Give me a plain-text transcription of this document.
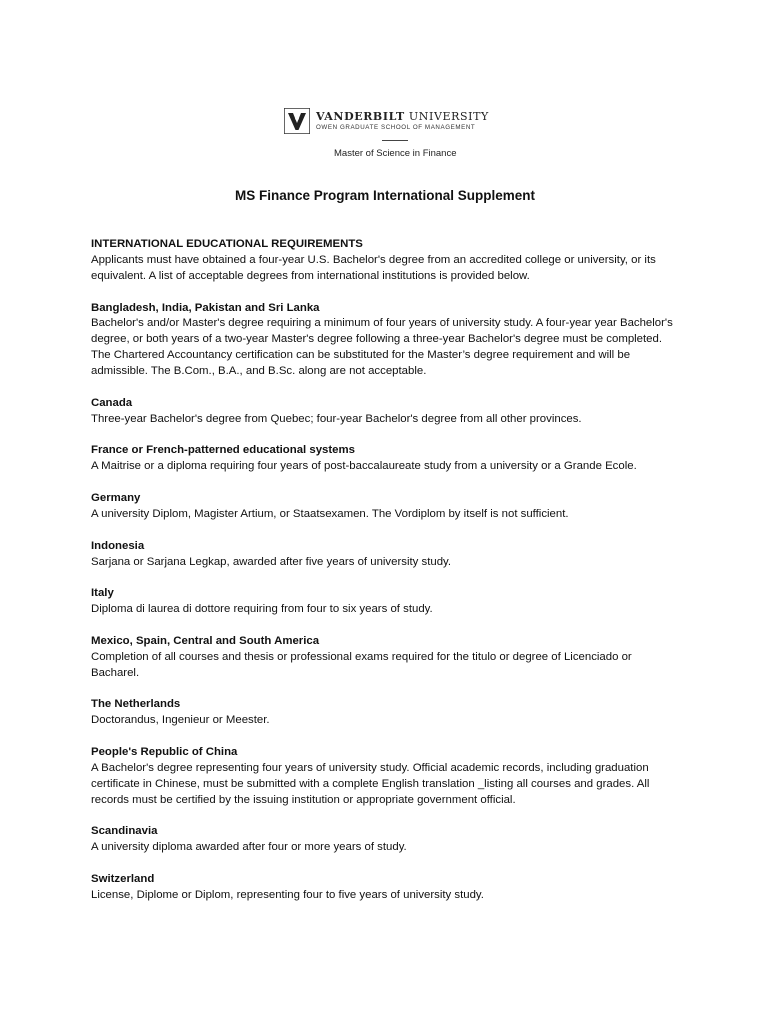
VANDERBILT UNIVERSITY
OWEN GRADUATE SCHOOL OF MANAGEMENT
Master of Science in Finance
MS Finance Program International Supplement
INTERNATIONAL EDUCATIONAL REQUIREMENTS
Applicants must have obtained a four-year U.S. Bachelor's degree from an accredited college or university, or its equivalent. A list of acceptable degrees from international institutions is provided below.
Bangladesh, India, Pakistan and Sri Lanka
Bachelor's and/or Master's degree requiring a minimum of four years of university study. A four-year year Bachelor's degree, or both years of a two-year Master's degree following a three-year Bachelor's degree must be completed. The Chartered Accountancy certification can be substituted for the Master’s degree requirement and will be admissible. The B.Com., B.A., and B.Sc. along are not acceptable.
Canada
Three-year Bachelor's degree from Quebec; four-year Bachelor's degree from all other provinces.
France or French-patterned educational systems
A Maitrise or a diploma requiring four years of post-baccalaureate study from a university or a Grande Ecole.
Germany
A university Diplom, Magister Artium, or Staatsexamen. The Vordiplom by itself is not sufficient.
Indonesia
Sarjana or Sarjana Legkap, awarded after five years of university study.
Italy
Diploma di laurea di dottore requiring from four to six years of study.
Mexico, Spain, Central and South America
Completion of all courses and thesis or professional exams required for the titulo or degree of Licenciado or Bacharel.
The Netherlands
Doctorandus, Ingenieur or Meester.
People's Republic of China
A Bachelor's degree representing four years of university study. Official academic records, including graduation certificate in Chinese, must be submitted with a complete English translation _listing all courses and grades. All records must be certified by the issuing institution or appropriate government official.
Scandinavia
A university diploma awarded after four or more years of study.
Switzerland
License, Diplome or Diplom, representing four to five years of university study.
